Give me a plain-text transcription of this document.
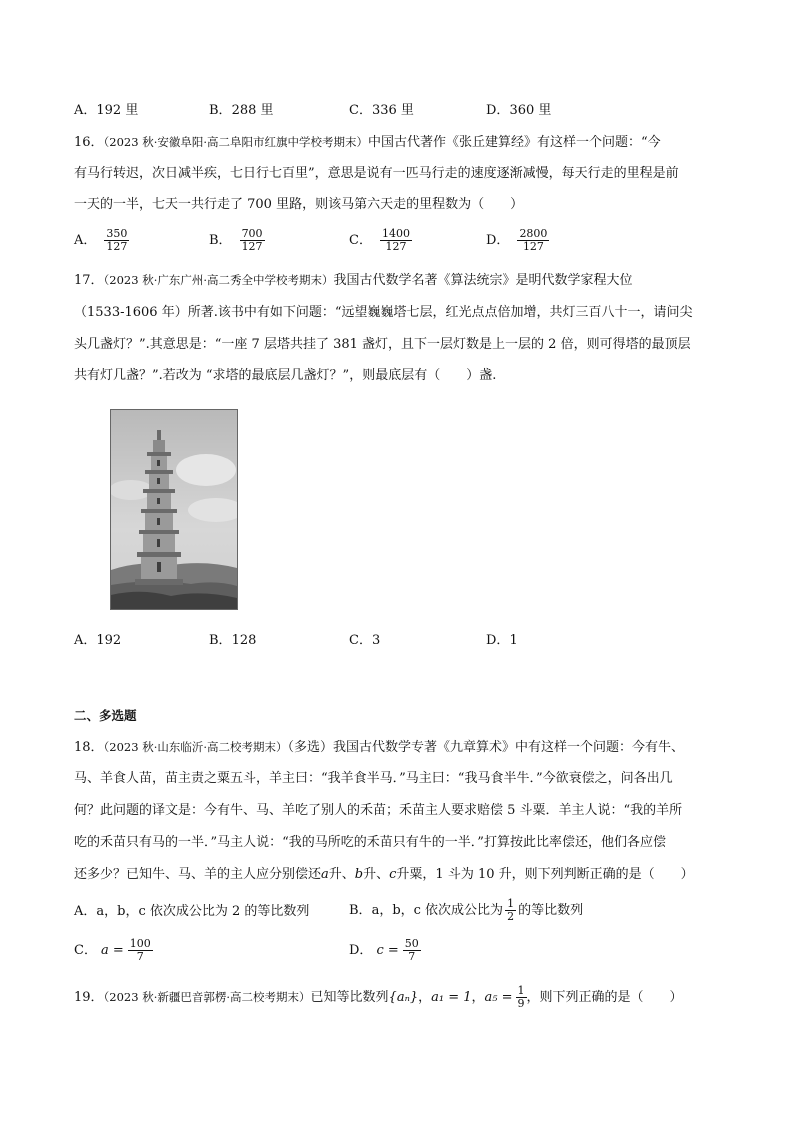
A．192 里	B．288 里	C．336 里	D．360 里
16．（2023 秋·安徽阜阳·高二阜阳市红旗中学校考期末）中国古代著作《张丘建算经》有这样一个问题：“今
有马行转迟，次日减半疾，七日行七百里”，意思是说有一匹马行走的速度逐渐减慢，每天行走的里程是前
一天的一半，七天一共行走了 700 里路，则该马第六天走的里程数为（　　）
A． $\frac{350}{127}$	B． $\frac{700}{127}$	C． $\frac{1400}{127}$	D． $\frac{2800}{127}$
17．（2023 秋·广东广州·高二秀全中学校考期末）我国古代数学名著《算法统宗》是明代数学家程大位
（1533-1606 年）所著.该书中有如下问题：“远望巍巍塔七层，红光点点倍加增，共灯三百八十一，请问尖
头几盏灯？”.其意思是：“一座 7 层塔共挂了 381 盏灯，且下一层灯数是上一层的 2 倍，则可得塔的最顶层
共有灯几盏？”.若改为 “求塔的最底层几盏灯？”，则最底层有（　　）盏.
A．192	B．128	C．3	D．1
二、多选题
18．（2023 秋·山东临沂·高二校考期末）（多选）我国古代数学专著《九章算术》中有这样一个问题：今有牛、
马、羊食人苗，苗主责之粟五斗，羊主曰：“我羊食半马．”马主曰：“我马食半牛．”今欲衰偿之，问各出几
何？此问题的译文是：今有牛、马、羊吃了别人的禾苗；禾苗主人要求赔偿 5 斗粟．羊主人说：“我的羊所
吃的禾苗只有马的一半．”马主人说：“我的马所吃的禾苗只有牛的一半．”打算按此比率偿还，他们各应偿
还多少？已知牛、马、羊的主人应分别偿还a升、b升、c升粟，1 斗为 10 升，则下列判断正确的是（　　）
A．a，b，c 依次成公比为 2 的等比数列	B．a，b，c 依次成公比为 $\frac{1}{2}$ 的等比数列
C． $a = \frac{100}{7}$	D． $c = \frac{50}{7}$
19．（2023 秋·新疆巴音郭楞·高二校考期末）已知等比数列{aₙ}，a₁ = 1，$a_5 = \frac{1}{9}$ ，则下列正确的是（　　）
